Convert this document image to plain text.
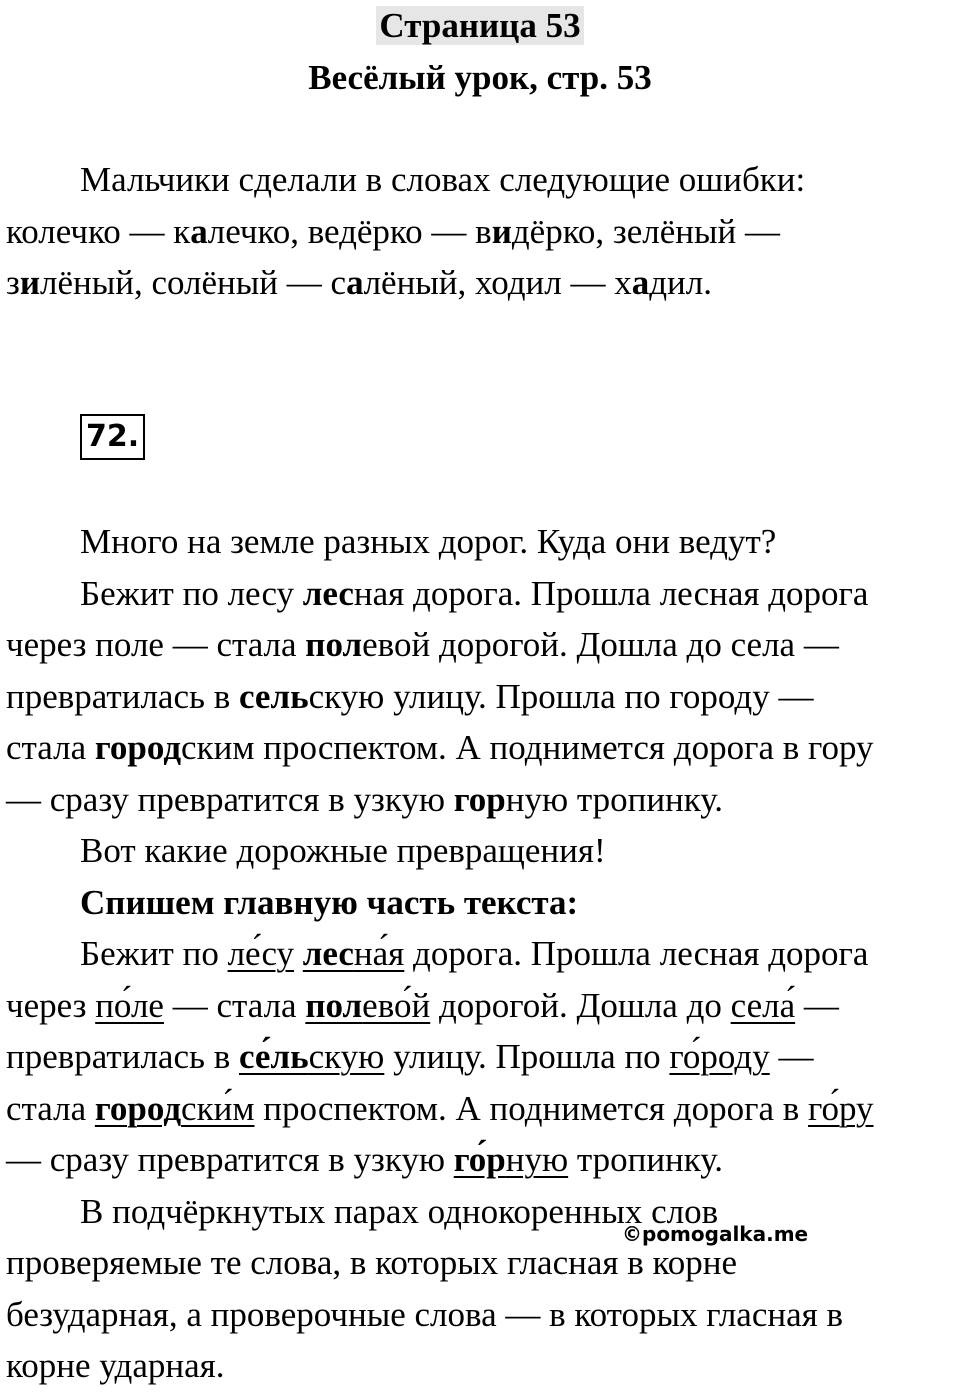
Страница 53
Весёлый урок, стр. 53
Мальчики сделали в словах следующие ошибки:
колечко — калечко, ведёрко — видёрко, зелёный —
зилёный, солёный — салёный, ходил — хадил.
72.
Много на земле разных дорог. Куда они ведут?
Бежит по лесу лесная дорога. Прошла лесная дорога
через поле — стала полевой дорогой. Дошла до села —
превратилась в сельскую улицу. Прошла по городу —
стала городским проспектом. А поднимется дорога в гору
— сразу превратится в узкую горную тропинку.
Вот какие дорожные превращения!
Спишем главную часть текста:
Бежит по ле́су лесна́я дорога. Прошла лесная дорога
через по́ле — стала полево́й дорогой. Дошла до села́ —
превратилась в се́льскую улицу. Прошла по го́роду —
стала городски́м проспектом. А поднимется дорога в го́ру
— сразу превратится в узкую го́рную тропинку.
В подчёркнутых парах однокоренных слов
проверяемые те слова, в которых гласная в корне
безударная, а проверочные слова — в которых гласная в
корне ударная.
©pomogalka.me
